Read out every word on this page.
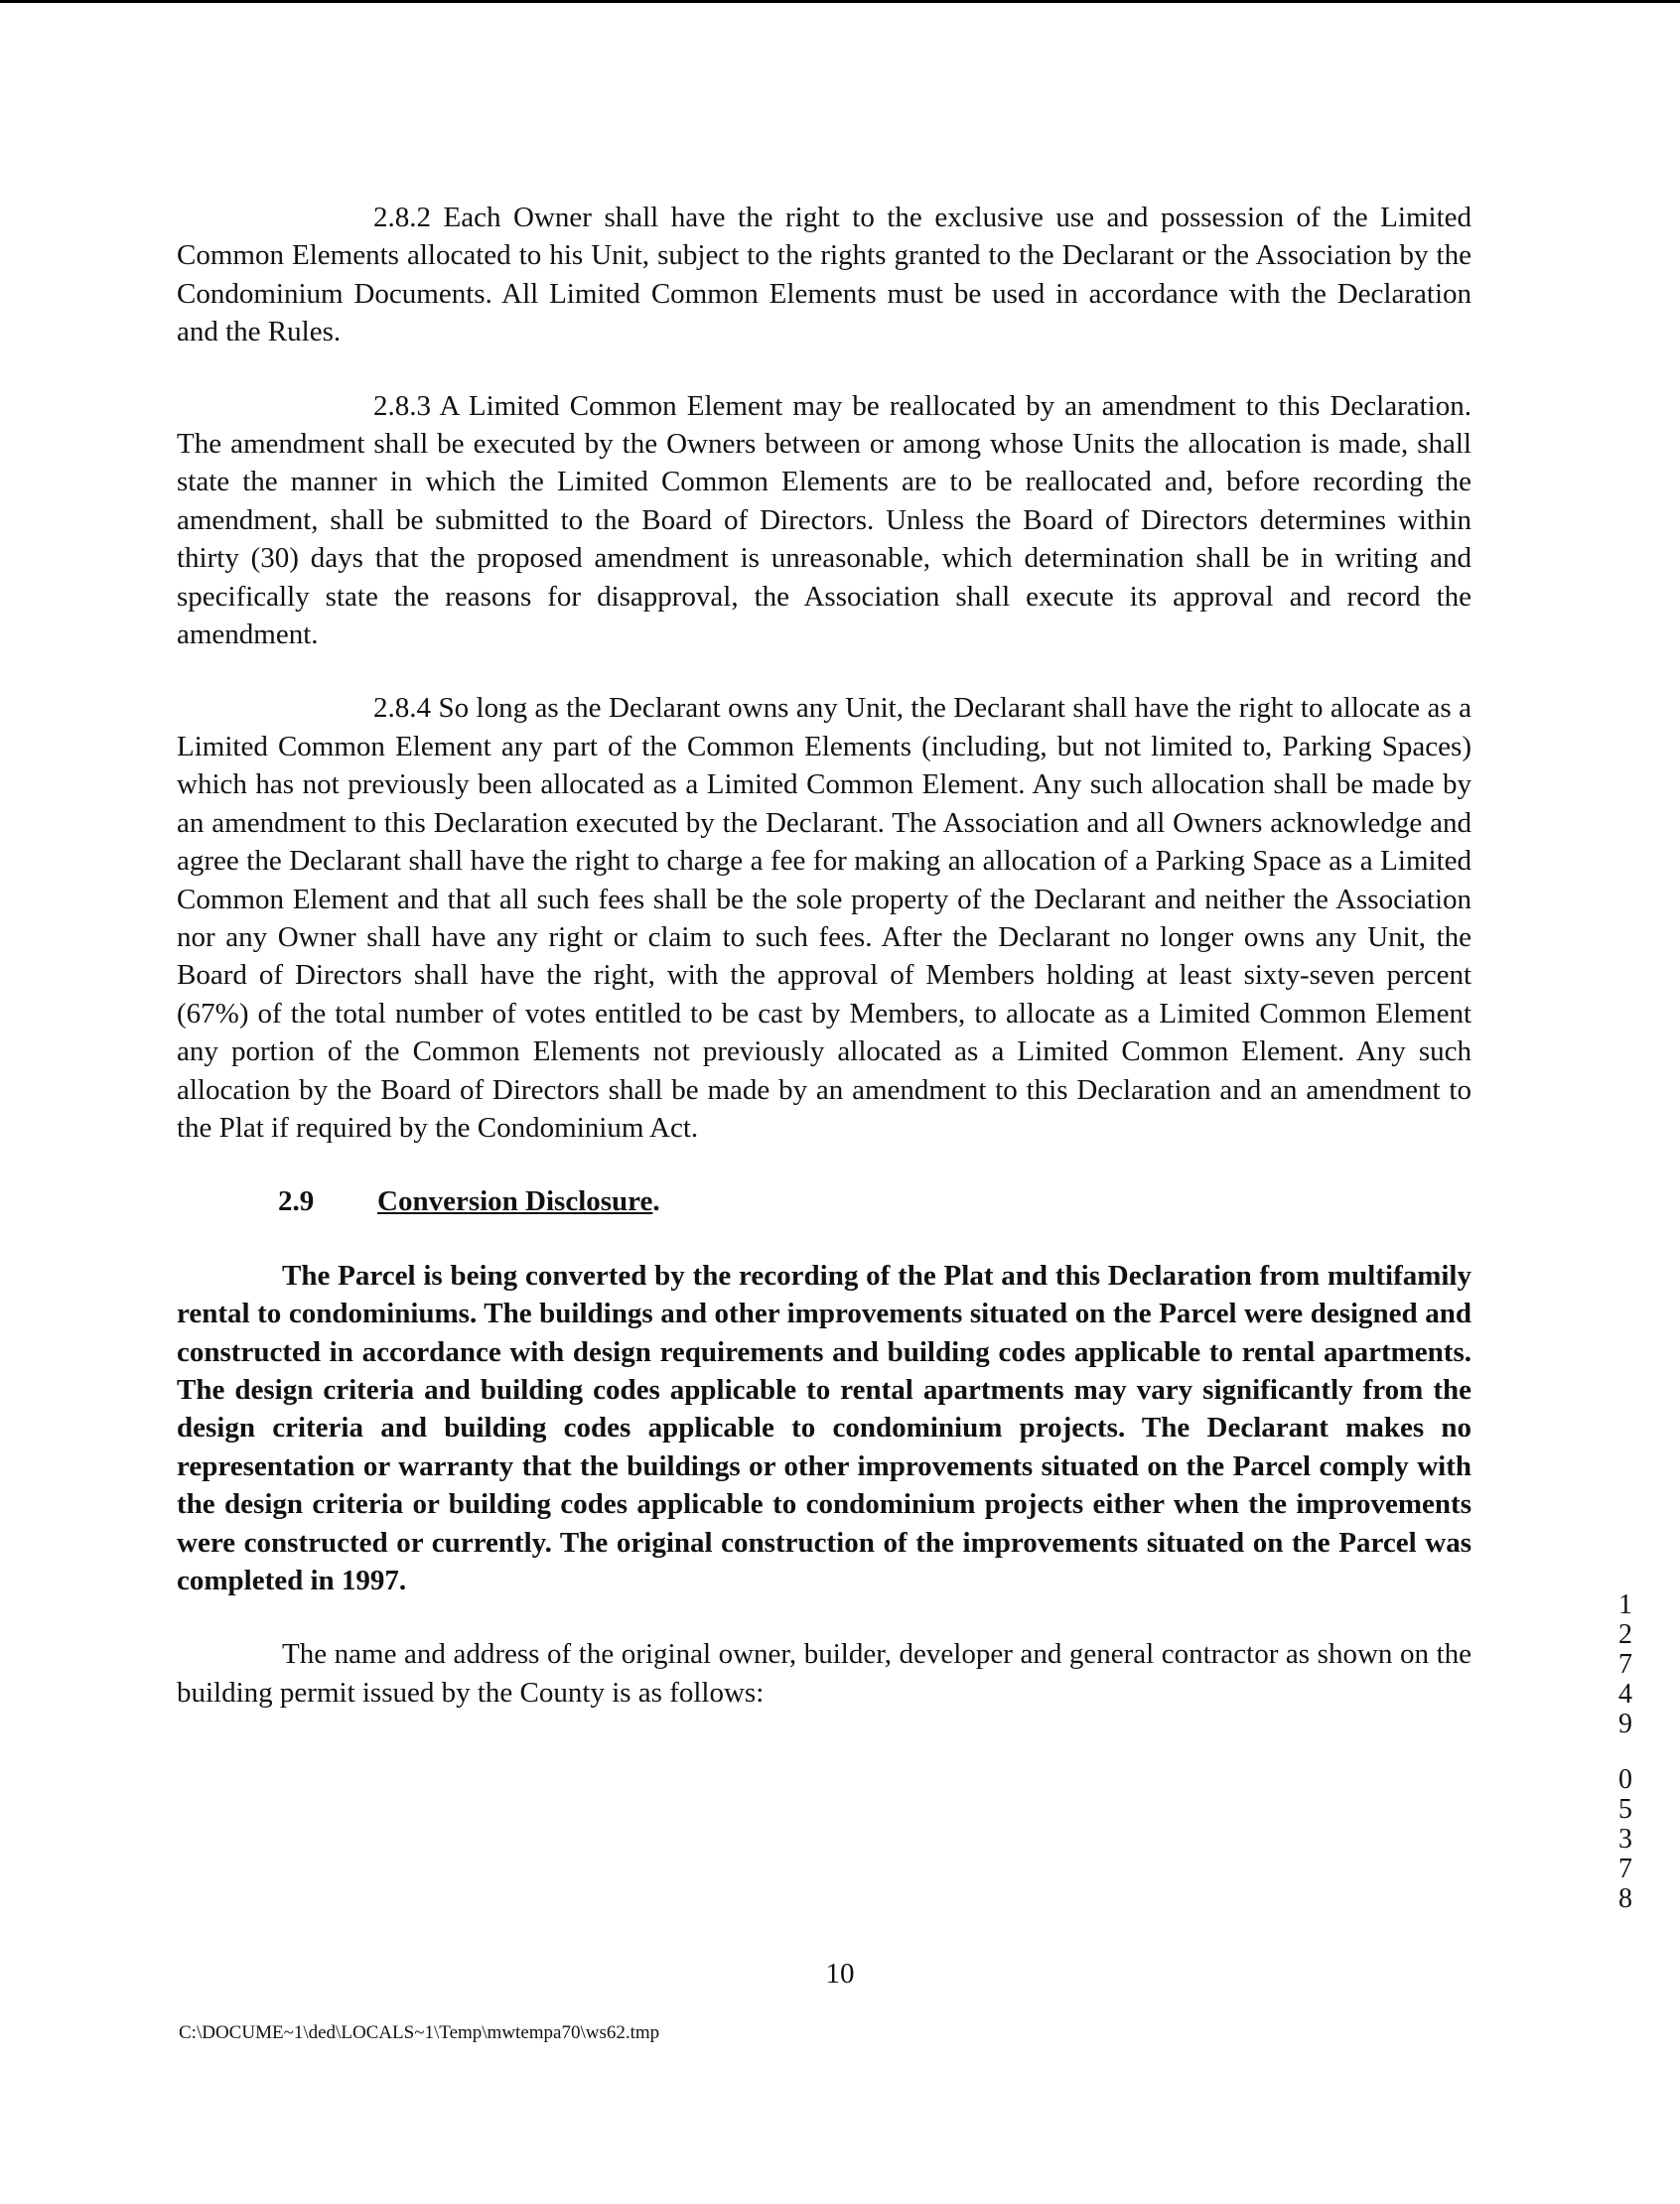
2.8.2 Each Owner shall have the right to the exclusive use and possession of the Limited Common Elements allocated to his Unit, subject to the rights granted to the Declarant or the Association by the Condominium Documents. All Limited Common Elements must be used in accordance with the Declaration and the Rules.

2.8.3 A Limited Common Element may be reallocated by an amendment to this Declaration. The amendment shall be executed by the Owners between or among whose Units the allocation is made, shall state the manner in which the Limited Common Elements are to be reallocated and, before recording the amendment, shall be submitted to the Board of Directors. Unless the Board of Directors determines within thirty (30) days that the proposed amendment is unreasonable, which determination shall be in writing and specifically state the reasons for disapproval, the Association shall execute its approval and record the amendment.

2.8.4 So long as the Declarant owns any Unit, the Declarant shall have the right to allocate as a Limited Common Element any part of the Common Elements (including, but not limited to, Parking Spaces) which has not previously been allocated as a Limited Common Element. Any such allocation shall be made by an amendment to this Declaration executed by the Declarant. The Association and all Owners acknowledge and agree the Declarant shall have the right to charge a fee for making an allocation of a Parking Space as a Limited Common Element and that all such fees shall be the sole property of the Declarant and neither the Association nor any Owner shall have any right or claim to such fees. After the Declarant no longer owns any Unit, the Board of Directors shall have the right, with the approval of Members holding at least sixty-seven percent (67%) of the total number of votes entitled to be cast by Members, to allocate as a Limited Common Element any portion of the Common Elements not previously allocated as a Limited Common Element. Any such allocation by the Board of Directors shall be made by an amendment to this Declaration and an amendment to the Plat if required by the Condominium Act.

2.9 Conversion Disclosure.

The Parcel is being converted by the recording of the Plat and this Declaration from multifamily rental to condominiums. The buildings and other improvements situated on the Parcel were designed and constructed in accordance with design requirements and building codes applicable to rental apartments. The design criteria and building codes applicable to rental apartments may vary significantly from the design criteria and building codes applicable to condominium projects. The Declarant makes no representation or warranty that the buildings or other improvements situated on the Parcel comply with the design criteria or building codes applicable to condominium projects either when the improvements were constructed or currently. The original construction of the improvements situated on the Parcel was completed in 1997.

The name and address of the original owner, builder, developer and general contractor as shown on the building permit issued by the County is as follows:

10
C:\DOCUME~1\ded\LOCALS~1\Temp\mwtempa70\ws62.tmp
1
2
7
4
9
0
5
3
7
8
